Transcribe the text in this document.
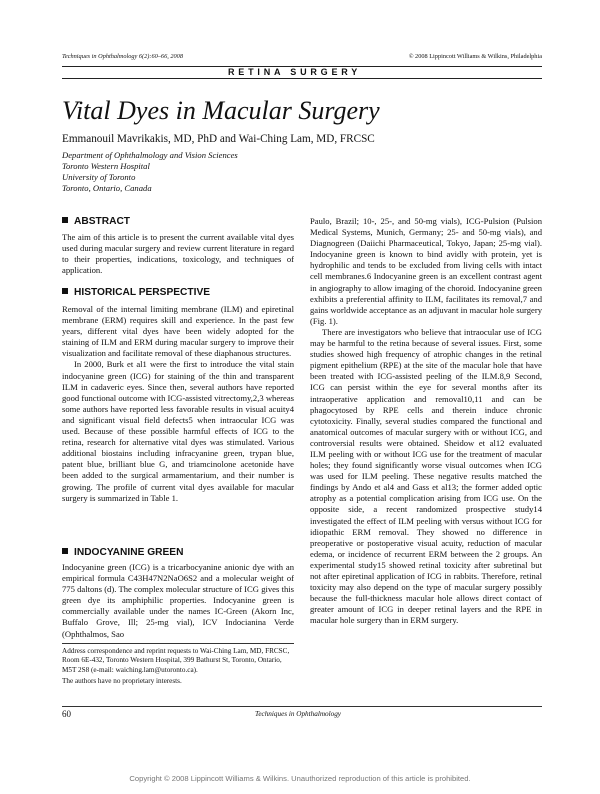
Techniques in Ophthalmology 6(2):60–66, 2008	© 2008 Lippincott Williams & Wilkins, Philadelphia
RETINA SURGERY
Vital Dyes in Macular Surgery

Emmanouil Mavrikakis, MD, PhD and Wai-Ching Lam, MD, FRCSC

Department of Ophthalmology and Vision Sciences

Toronto Western Hospital

University of Toronto

Toronto, Ontario, Canada

ABSTRACT

The aim of this article is to present the current available vital dyes used during macular surgery and review current literature in regard to their properties, indications, toxicology, and techniques of application.

HISTORICAL PERSPECTIVE

Removal of the internal limiting membrane (ILM) and epiretinal membrane (ERM) requires skill and experience. In the past few years, different vital dyes have been widely adopted for the staining of ILM and ERM during macular surgery to improve their visualization and facilitate removal of these diaphanous structures.

In 2000, Burk et al1 were the first to introduce the vital stain indocyanine green (ICG) for staining of the thin and transparent ILM in cadaveric eyes. Since then, several authors have reported good functional outcome with ICG-assisted vitrectomy,2,3 whereas some authors have reported less favorable results in visual acuity4 and significant visual field defects5 when intraocular ICG was used. Because of these possible harmful effects of ICG to the retina, research for alternative vital dyes was stimulated. Various additional biostains including infracyanine green, trypan blue, patent blue, brilliant blue G, and triamcinolone acetonide have been added to the surgical armamentarium, and their number is growing. The profile of current vital dyes available for macular surgery is summarized in Table 1.

INDOCYANINE GREEN

Indocyanine green (ICG) is a tricarbocyanine anionic dye with an empirical formula C43H47N2NaO6S2 and a molecular weight of 775 daltons (d). The complex molecular structure of ICG gives this green dye its amphiphilic properties. Indocyanine green is commercially available under the names IC-Green (Akorn Inc, Buffalo Grove, Ill; 25-mg vial), ICV Indocianina Verde (Ophthalmos, Sao

Address correspondence and reprint requests to Wai-Ching Lam, MD, FRCSC, Room 6E-432, Toronto Western Hospital, 399 Bathurst St, Toronto, Ontario, M5T 2S8 (e-mail: waiching.lam@utoronto.ca).

The authors have no proprietary interests.

Paulo, Brazil; 10-, 25-, and 50-mg vials), ICG-Pulsion (Pulsion Medical Systems, Munich, Germany; 25- and 50-mg vials), and Diagnogreen (Daiichi Pharmaceutical, Tokyo, Japan; 25-mg vial). Indocyanine green is known to bind avidly with protein, yet is hydrophilic and tends to be excluded from living cells with intact cell membranes.6 Indocyanine green is an excellent contrast agent in angiography to allow imaging of the choroid. Indocyanine green exhibits a preferential affinity to ILM, facilitates its removal,7 and gains worldwide acceptance as an adjuvant in macular hole surgery (Fig. 1).

There are investigators who believe that intraocular use of ICG may be harmful to the retina because of several issues. First, some studies showed high frequency of atrophic changes in the retinal pigment epithelium (RPE) at the site of the macular hole that have been treated with ICG-assisted peeling of the ILM.8,9 Second, ICG can persist within the eye for several months after its intraoperative application and removal10,11 and can be phagocytosed by RPE cells and therein induce chronic cytotoxicity. Finally, several studies compared the functional and anatomical outcomes of macular surgery with or without ICG, and controversial results were obtained. Sheidow et al12 evaluated ILM peeling with or without ICG use for the treatment of macular holes; they found significantly worse visual outcomes when ICG was used for ILM peeling. These negative results matched the findings by Ando et al4 and Gass et al13; the former added optic atrophy as a potential complication arising from ICG use. On the opposite side, a recent randomized prospective study14 investigated the effect of ILM peeling with versus without ICG for idiopathic ERM removal. They showed no difference in preoperative or postoperative visual acuity, reduction of macular edema, or incidence of recurrent ERM between the 2 groups. An experimental study15 showed retinal toxicity after subretinal but not after epiretinal application of ICG in rabbits. Therefore, retinal toxicity may also depend on the type of macular surgery possibly because the full-thickness macular hole allows direct contact of greater amount of ICG in deeper retinal layers and the RPE in macular hole surgery than in ERM surgery.

60	Techniques in Ophthalmology
Copyright © 2008 Lippincott Williams & Wilkins. Unauthorized reproduction of this article is prohibited.
